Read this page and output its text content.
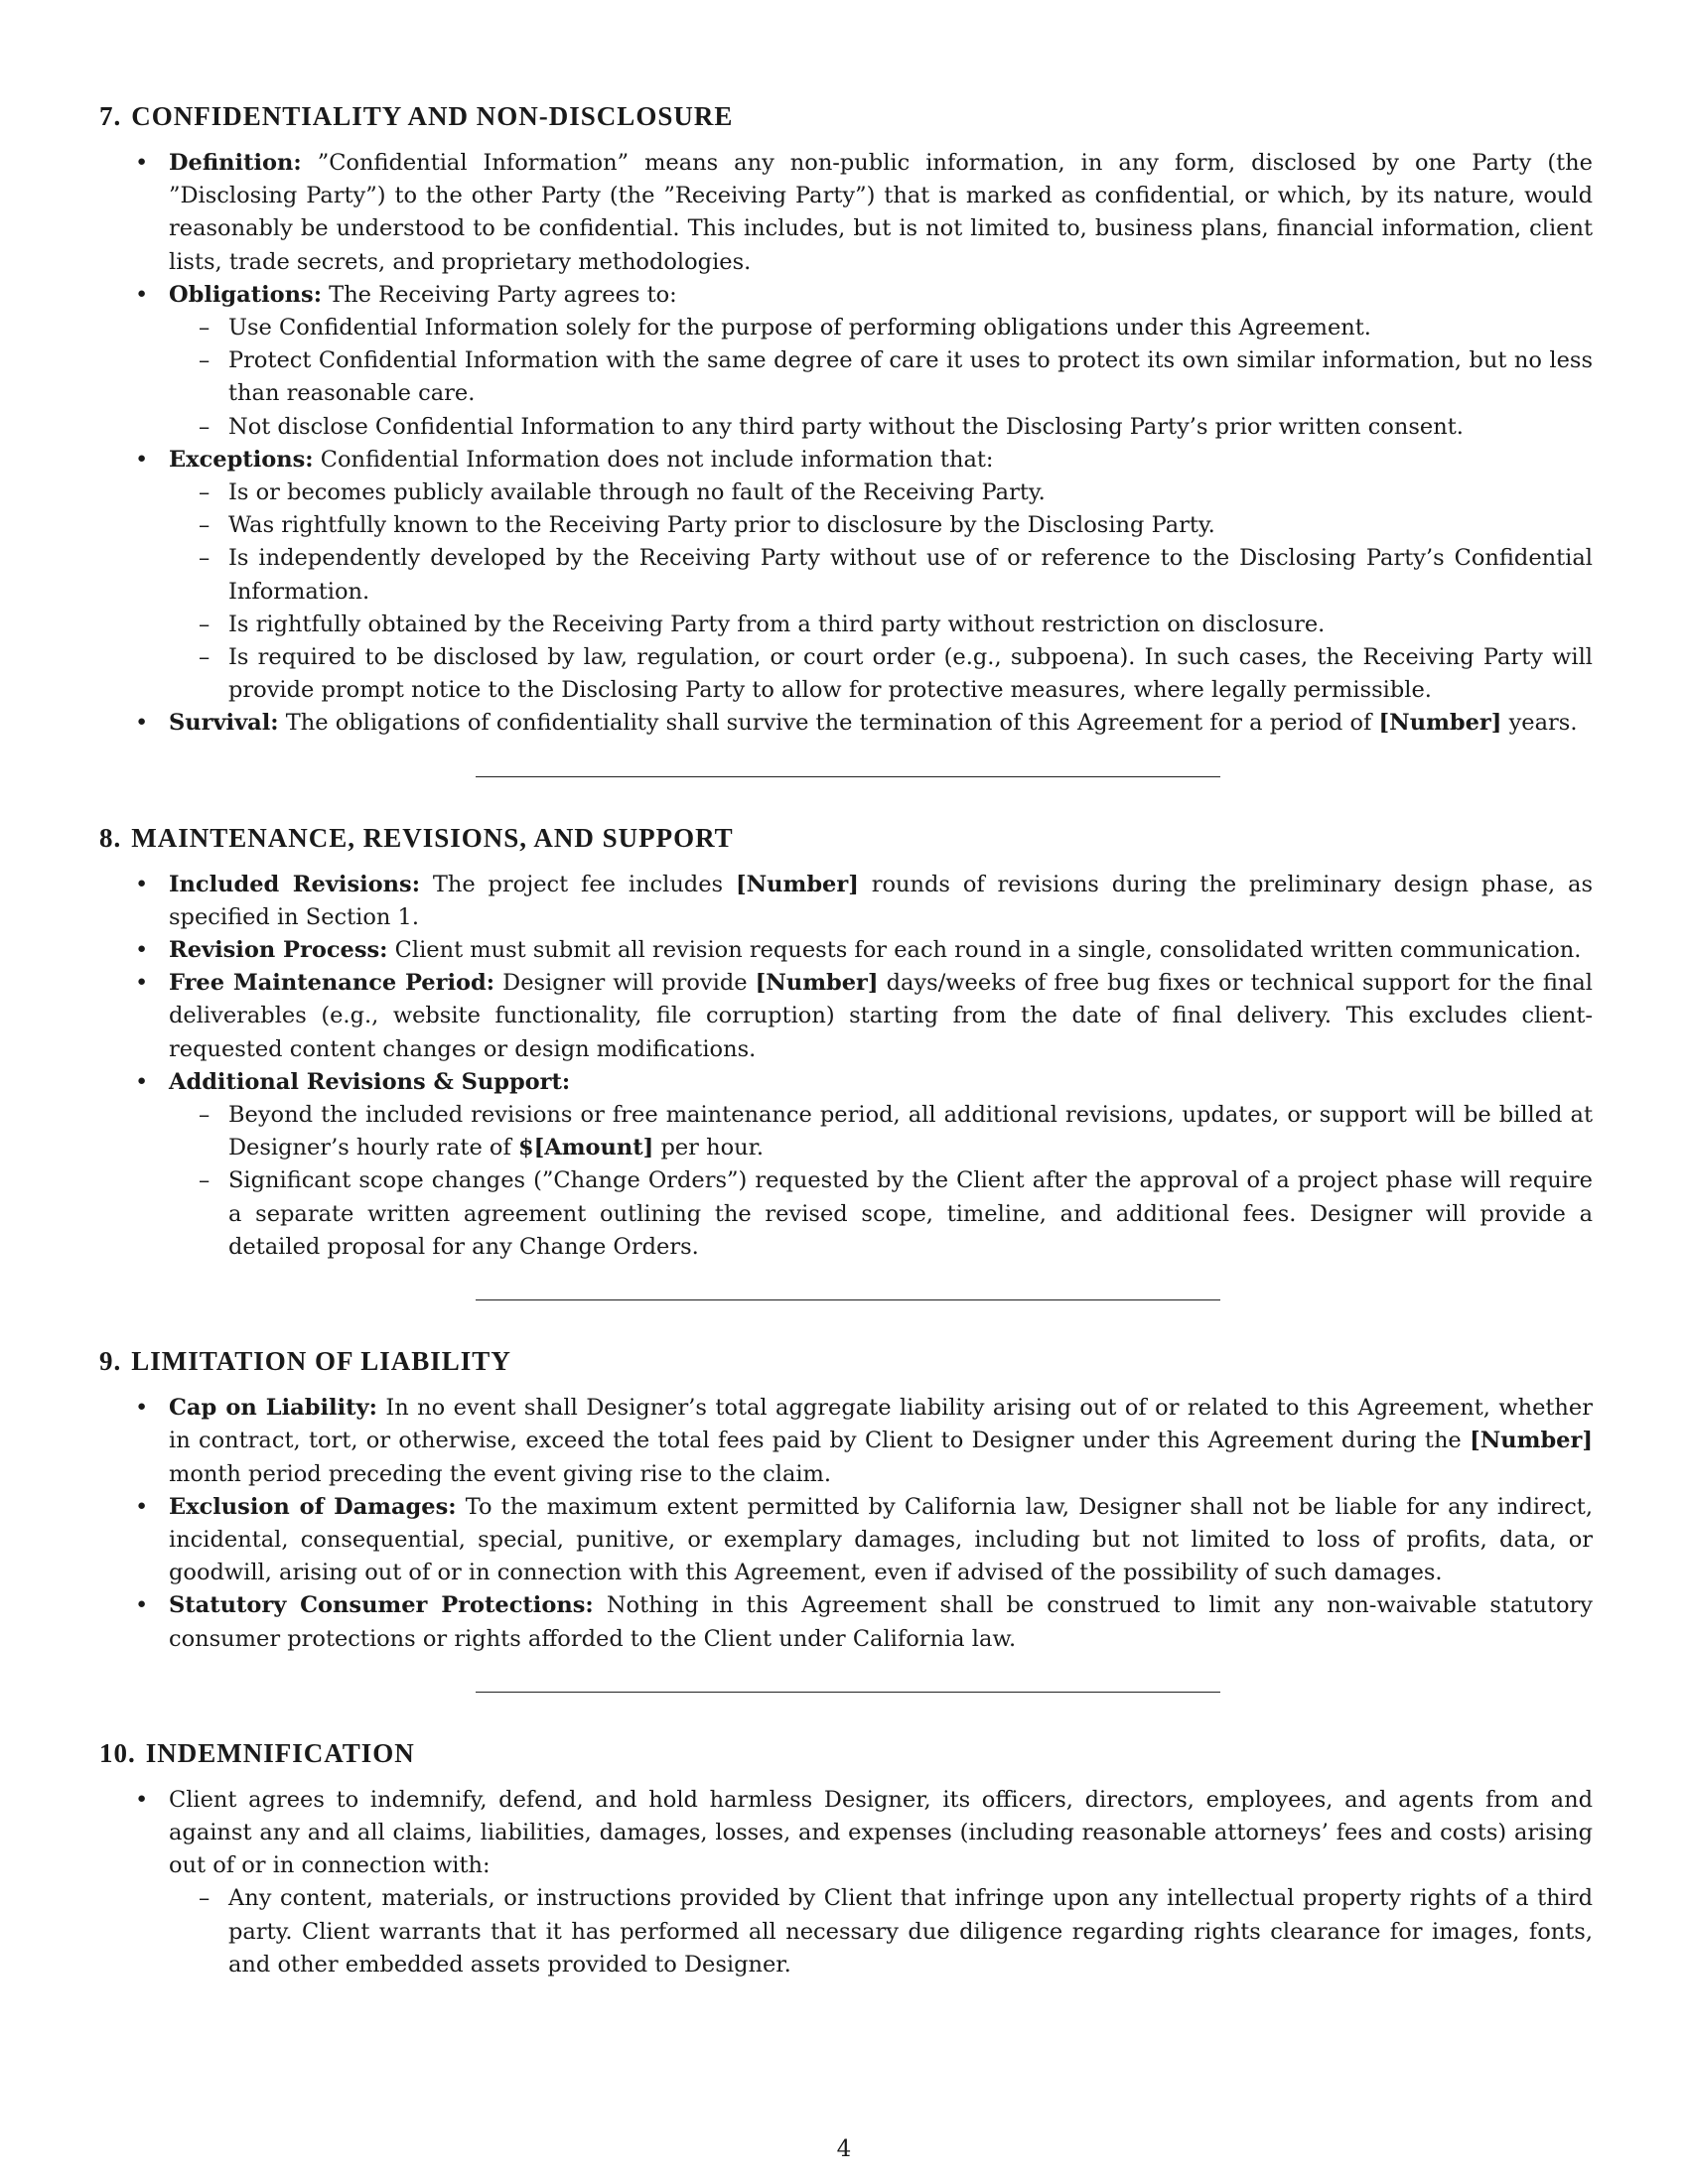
7. CONFIDENTIALITY AND NON-DISCLOSURE
• Definition: ”Confidential Information” means any non-public information, in any form, disclosed by one Party (the ”Disclosing Party”) to the other Party (the ”Receiving Party”) that is marked as confidential, or which, by its nature, would reasonably be understood to be confidential. This includes, but is not limited to, business plans, financial information, client lists, trade secrets, and proprietary methodologies.
• Obligations: The Receiving Party agrees to:
– Use Confidential Information solely for the purpose of performing obligations under this Agreement.
– Protect Confidential Information with the same degree of care it uses to protect its own similar information, but no less than reasonable care.
– Not disclose Confidential Information to any third party without the Disclosing Party’s prior written consent.
• Exceptions: Confidential Information does not include information that:
– Is or becomes publicly available through no fault of the Receiving Party.
– Was rightfully known to the Receiving Party prior to disclosure by the Disclosing Party.
– Is independently developed by the Receiving Party without use of or reference to the Disclosing Party’s Confidential Information.
– Is rightfully obtained by the Receiving Party from a third party without restriction on disclosure.
– Is required to be disclosed by law, regulation, or court order (e.g., subpoena). In such cases, the Receiving Party will provide prompt notice to the Disclosing Party to allow for protective measures, where legally permissible.
• Survival: The obligations of confidentiality shall survive the termination of this Agreement for a period of [Number] years.
8. MAINTENANCE, REVISIONS, AND SUPPORT
• Included Revisions: The project fee includes [Number] rounds of revisions during the preliminary design phase, as specified in Section 1.
• Revision Process: Client must submit all revision requests for each round in a single, consolidated written communication.
• Free Maintenance Period: Designer will provide [Number] days/weeks of free bug fixes or technical support for the final deliverables (e.g., website functionality, file corruption) starting from the date of final delivery. This excludes client-requested content changes or design modifications.
• Additional Revisions & Support:
– Beyond the included revisions or free maintenance period, all additional revisions, updates, or support will be billed at Designer’s hourly rate of $[Amount] per hour.
– Significant scope changes (”Change Orders”) requested by the Client after the approval of a project phase will require a separate written agreement outlining the revised scope, timeline, and additional fees. Designer will provide a detailed proposal for any Change Orders.
9. LIMITATION OF LIABILITY
• Cap on Liability: In no event shall Designer’s total aggregate liability arising out of or related to this Agreement, whether in contract, tort, or otherwise, exceed the total fees paid by Client to Designer under this Agreement during the [Number] month period preceding the event giving rise to the claim.
• Exclusion of Damages: To the maximum extent permitted by California law, Designer shall not be liable for any indirect, incidental, consequential, special, punitive, or exemplary damages, including but not limited to loss of profits, data, or goodwill, arising out of or in connection with this Agreement, even if advised of the possibility of such damages.
• Statutory Consumer Protections: Nothing in this Agreement shall be construed to limit any non-waivable statutory consumer protections or rights afforded to the Client under California law.
10. INDEMNIFICATION
• Client agrees to indemnify, defend, and hold harmless Designer, its officers, directors, employees, and agents from and against any and all claims, liabilities, damages, losses, and expenses (including reasonable attorneys’ fees and costs) arising out of or in connection with:
– Any content, materials, or instructions provided by Client that infringe upon any intellectual property rights of a third party. Client warrants that it has performed all necessary due diligence regarding rights clearance for images, fonts, and other embedded assets provided to Designer.
4
